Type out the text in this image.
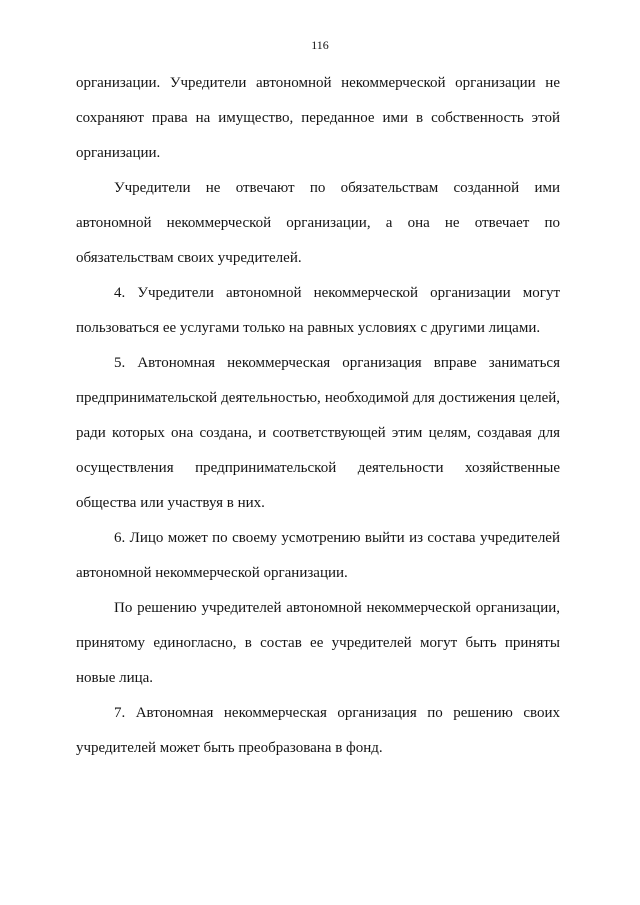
116
организации. Учредители автономной некоммерческой организации не
сохраняют права на имущество, переданное ими в собственность этой
организации.
Учредители не отвечают по обязательствам созданной ими
автономной некоммерческой организации, а она не отвечает по
обязательствам своих учредителей.
4. Учредители автономной некоммерческой организации могут
пользоваться ее услугами только на равных условиях с другими лицами.
5. Автономная некоммерческая организация вправе заниматься
предпринимательской деятельностью, необходимой для достижения целей,
ради которых она создана, и соответствующей этим целям, создавая для
осуществления предпринимательской деятельности хозяйственные
общества или участвуя в них.
6. Лицо может по своему усмотрению выйти из состава учредителей
автономной некоммерческой организации.
По решению учредителей автономной некоммерческой организации,
принятому единогласно, в состав ее учредителей могут быть приняты
новые лица.
7. Автономная некоммерческая организация по решению своих
учредителей может быть преобразована в фонд.
